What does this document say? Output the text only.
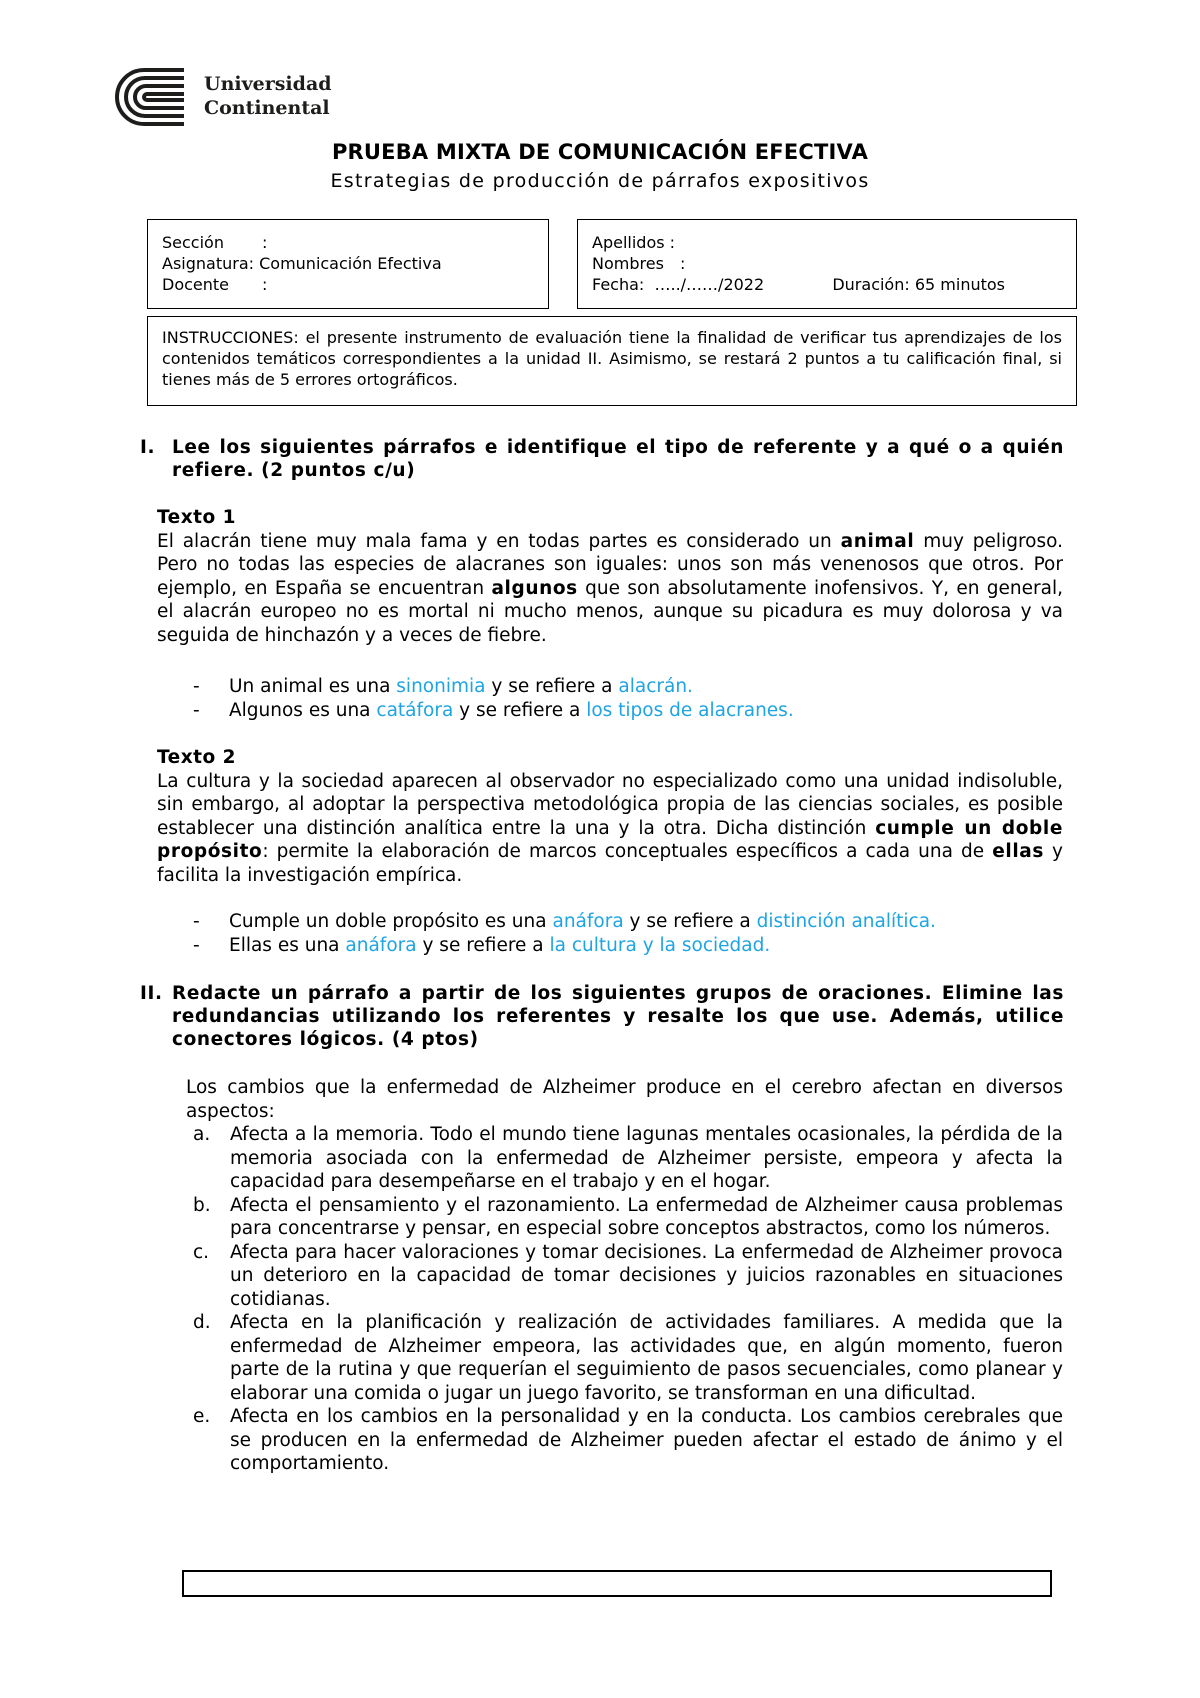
Universidad
Continental
PRUEBA MIXTA DE COMUNICACIÓN EFECTIVA
Estrategias de producción de párrafos expositivos
Sección :
Asignatura: Comunicación Efectiva
Docente :
Apellidos :
Nombres :
Fecha: …../……/2022	Duración: 65 minutos
INSTRUCCIONES: el presente instrumento de evaluación tiene la finalidad de verificar tus aprendizajes de los contenidos temáticos correspondientes a la unidad II. Asimismo, se restará 2 puntos a tu calificación final, si tienes más de 5 errores ortográficos.
I. Lee los siguientes párrafos e identifique el tipo de referente y a qué o a quién refiere. (2 puntos c/u)
Texto 1
El alacrán tiene muy mala fama y en todas partes es considerado un animal muy peligroso. Pero no todas las especies de alacranes son iguales: unos son más venenosos que otros. Por ejemplo, en España se encuentran algunos que son absolutamente inofensivos. Y, en general, el alacrán europeo no es mortal ni mucho menos, aunque su picadura es muy dolorosa y va seguida de hinchazón y a veces de fiebre.
- Un animal es una sinonimia y se refiere a alacrán.
- Algunos es una catáfora y se refiere a los tipos de alacranes.
Texto 2
La cultura y la sociedad aparecen al observador no especializado como una unidad indisoluble, sin embargo, al adoptar la perspectiva metodológica propia de las ciencias sociales, es posible establecer una distinción analítica entre la una y la otra. Dicha distinción cumple un doble propósito: permite la elaboración de marcos conceptuales específicos a cada una de ellas y facilita la investigación empírica.
- Cumple un doble propósito es una anáfora y se refiere a distinción analítica.
- Ellas es una anáfora y se refiere a la cultura y la sociedad.
II. Redacte un párrafo a partir de los siguientes grupos de oraciones. Elimine las redundancias utilizando los referentes y resalte los que use. Además, utilice conectores lógicos. (4 ptos)
Los cambios que la enfermedad de Alzheimer produce en el cerebro afectan en diversos aspectos:
a. Afecta a la memoria. Todo el mundo tiene lagunas mentales ocasionales, la pérdida de la memoria asociada con la enfermedad de Alzheimer persiste, empeora y afecta la capacidad para desempeñarse en el trabajo y en el hogar.
b. Afecta el pensamiento y el razonamiento. La enfermedad de Alzheimer causa problemas para concentrarse y pensar, en especial sobre conceptos abstractos, como los números.
c. Afecta para hacer valoraciones y tomar decisiones. La enfermedad de Alzheimer provoca un deterioro en la capacidad de tomar decisiones y juicios razonables en situaciones cotidianas.
d. Afecta en la planificación y realización de actividades familiares. A medida que la enfermedad de Alzheimer empeora, las actividades que, en algún momento, fueron parte de la rutina y que requerían el seguimiento de pasos secuenciales, como planear y elaborar una comida o jugar un juego favorito, se transforman en una dificultad.
e. Afecta en los cambios en la personalidad y en la conducta. Los cambios cerebrales que se producen en la enfermedad de Alzheimer pueden afectar el estado de ánimo y el comportamiento.
